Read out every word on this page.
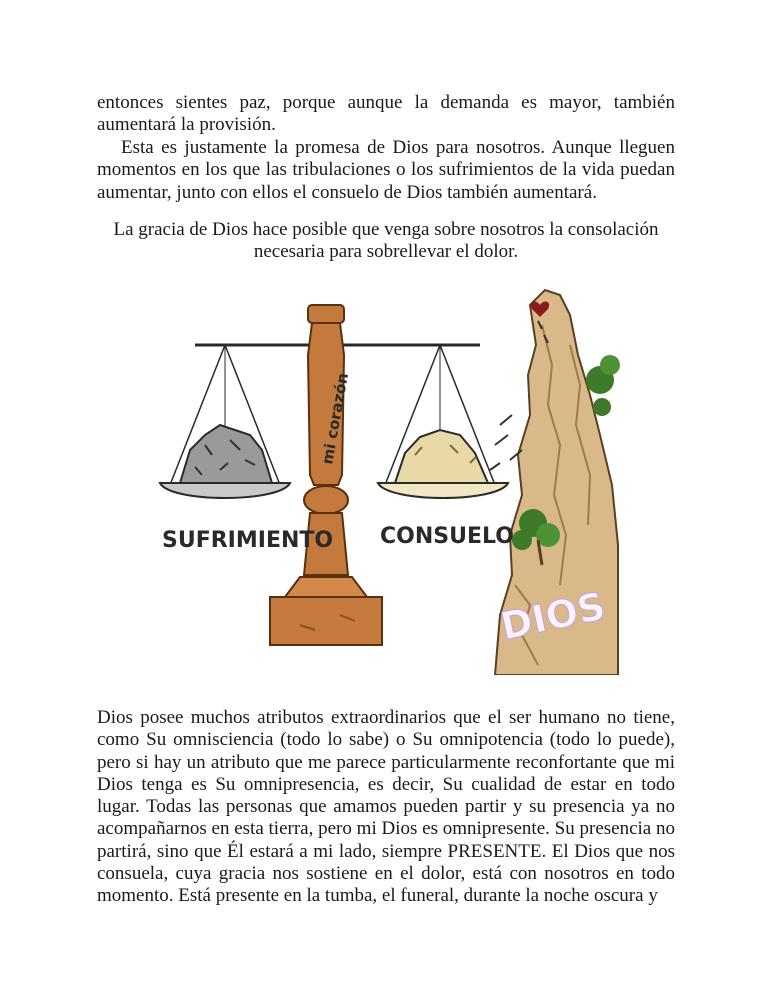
entonces sientes paz, porque aunque la demanda es mayor, también aumentará la provisión.

Esta es justamente la promesa de Dios para nosotros. Aunque lleguen momentos en los que las tribulaciones o los sufrimientos de la vida puedan aumentar, junto con ellos el consuelo de Dios también aumentará.

La gracia de Dios hace posible que venga sobre nosotros la consolación

necesaria para sobrellevar el dolor.

DIOS
mi corazón
SUFRIMIENTO CONSUELO

Dios posee muchos atributos extraordinarios que el ser humano no tiene, como Su omnisciencia (todo lo sabe) o Su omnipotencia (todo lo puede), pero si hay un atributo que me parece particularmente reconfortante que mi Dios tenga es Su omnipresencia, es decir, Su cualidad de estar en todo lugar. Todas las personas que amamos pueden partir y su presencia ya no acompañarnos en esta tierra, pero mi Dios es omnipresente. Su presencia no partirá, sino que Él estará a mi lado, siempre PRESENTE. El Dios que nos consuela, cuya gracia nos sostiene en el dolor, está con nosotros en todo momento. Está presente en la tumba, el funeral, durante la noche oscura y
